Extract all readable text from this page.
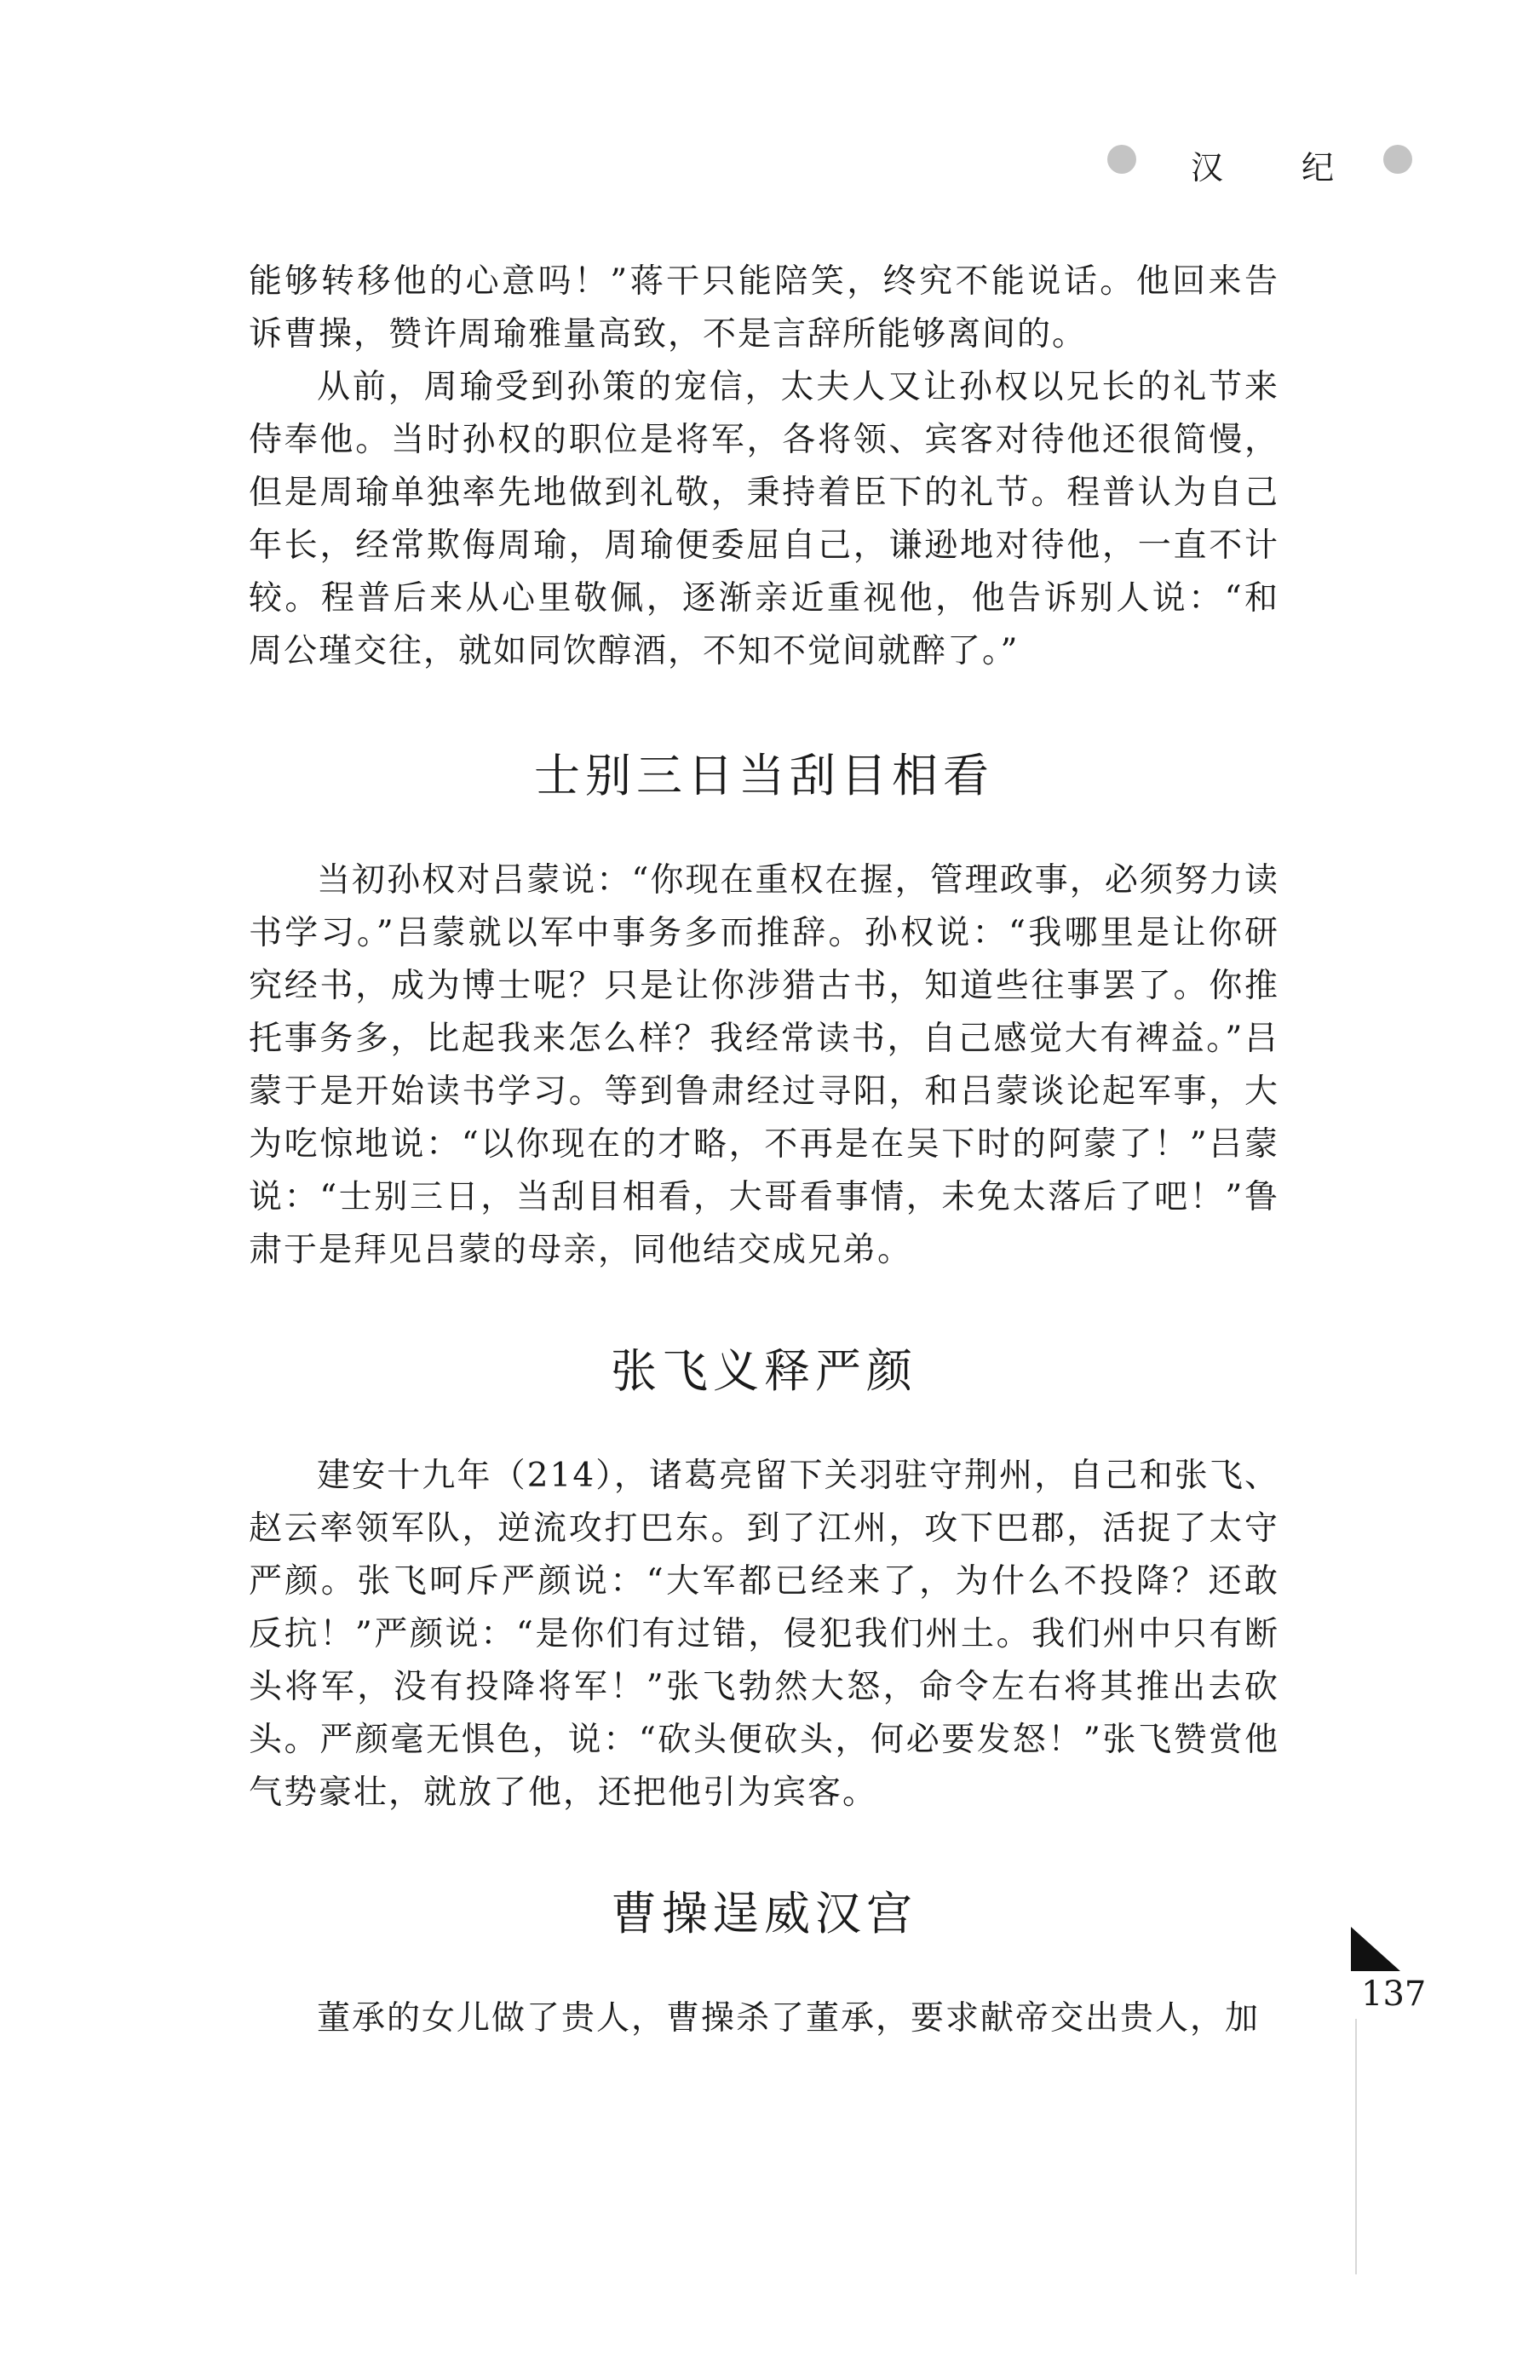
汉 纪

能够转移他的心意吗！”蒋干只能陪笑，终究不能说话。他回来告诉曹操，赞许周瑜雅量高致，不是言辞所能够离间的。

从前，周瑜受到孙策的宠信，太夫人又让孙权以兄长的礼节来侍奉他。当时孙权的职位是将军，各将领、宾客对待他还很简慢，但是周瑜单独率先地做到礼敬，秉持着臣下的礼节。程普认为自己年长，经常欺侮周瑜，周瑜便委屈自己，谦逊地对待他，一直不计较。程普后来从心里敬佩，逐渐亲近重视他，他告诉别人说：“和周公瑾交往，就如同饮醇酒，不知不觉间就醉了。”

士别三日当刮目相看

当初孙权对吕蒙说：“你现在重权在握，管理政事，必须努力读书学习。”吕蒙就以军中事务多而推辞。孙权说：“我哪里是让你研究经书，成为博士呢？只是让你涉猎古书，知道些往事罢了。你推托事务多，比起我来怎么样？我经常读书，自己感觉大有裨益。”吕蒙于是开始读书学习。等到鲁肃经过寻阳，和吕蒙谈论起军事，大为吃惊地说：“以你现在的才略，不再是在吴下时的阿蒙了！”吕蒙说：“士别三日，当刮目相看，大哥看事情，未免太落后了吧！”鲁肃于是拜见吕蒙的母亲，同他结交成兄弟。

张飞义释严颜

建安十九年（214），诸葛亮留下关羽驻守荆州，自己和张飞、赵云率领军队，逆流攻打巴东。到了江州，攻下巴郡，活捉了太守严颜。张飞呵斥严颜说：“大军都已经来了，为什么不投降？还敢反抗！”严颜说：“是你们有过错，侵犯我们州土。我们州中只有断头将军，没有投降将军！”张飞勃然大怒，命令左右将其推出去砍头。严颜毫无惧色，说：“砍头便砍头，何必要发怒！”张飞赞赏他气势豪壮，就放了他，还把他引为宾客。

曹操逞威汉宫

董承的女儿做了贵人，曹操杀了董承，要求献帝交出贵人，加

137
